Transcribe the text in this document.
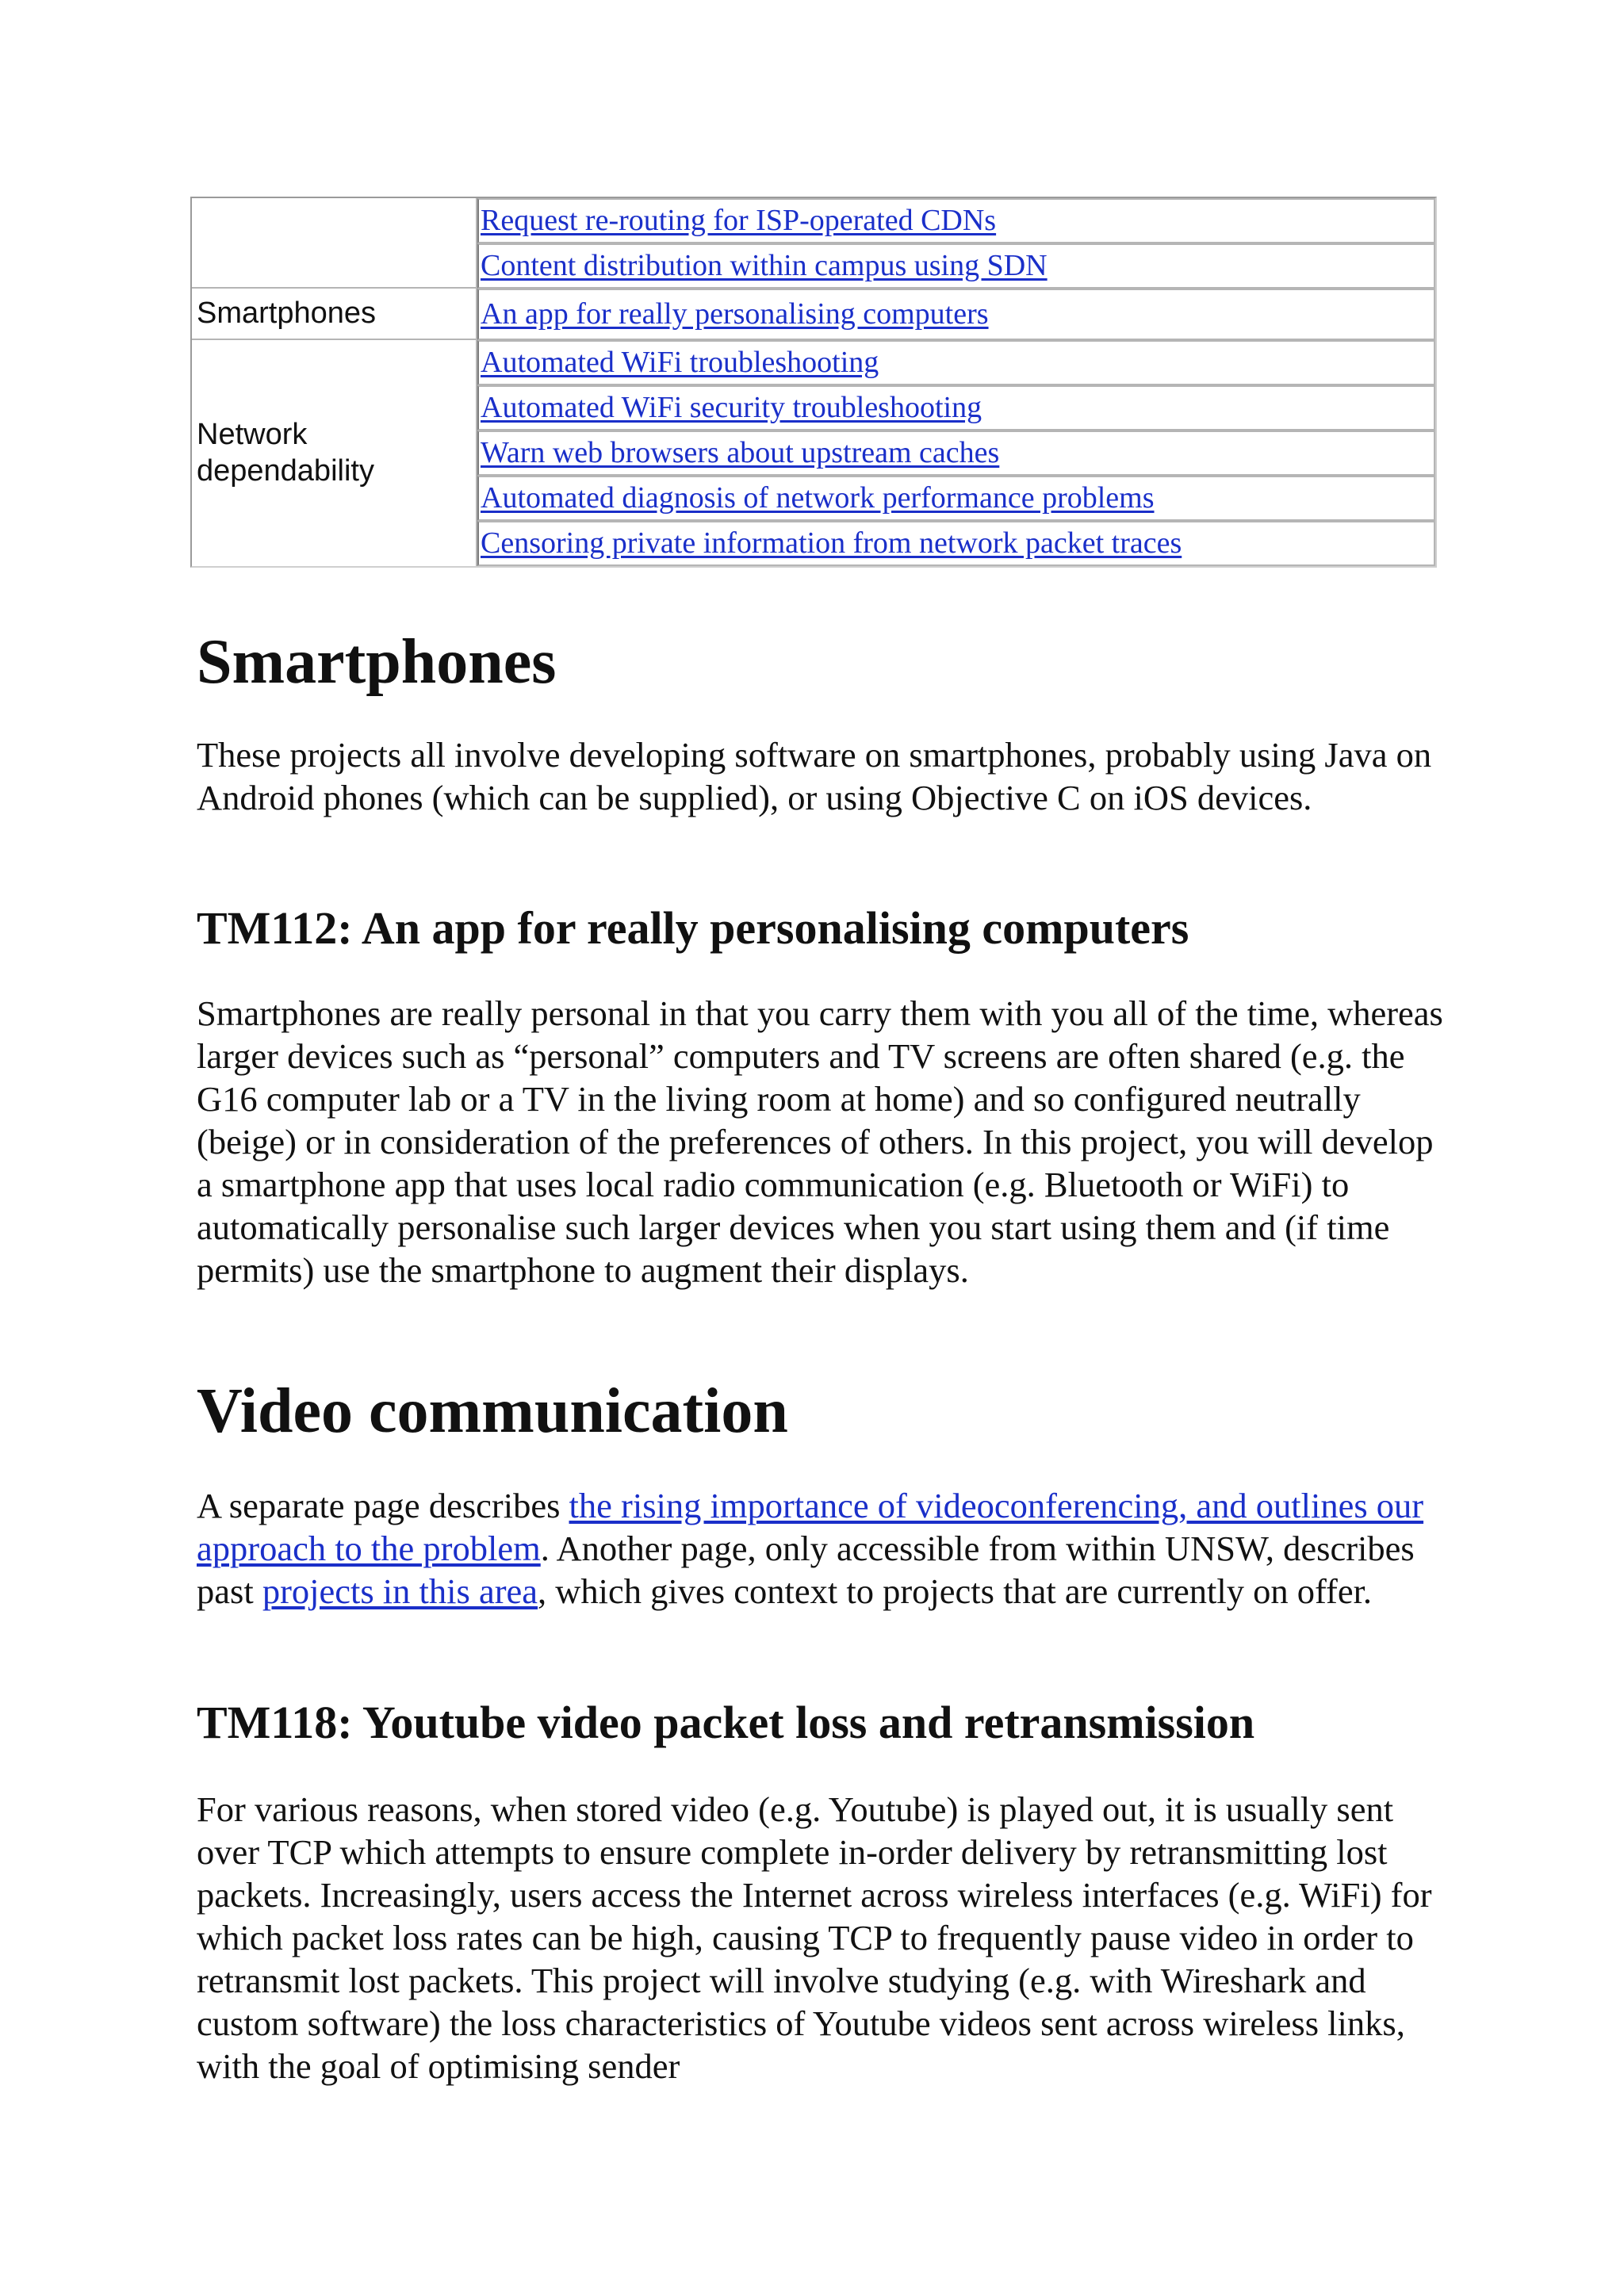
	Request re-routing for ISP-operated CDNs
	Content distribution within campus using SDN
Smartphones	An app for really personalising computers
Network dependability	Automated WiFi troubleshooting
	Automated WiFi security troubleshooting
	Warn web browsers about upstream caches
	Automated diagnosis of network performance problems
	Censoring private information from network packet traces
Smartphones

These projects all involve developing software on smartphones, probably using Java on Android phones (which can be supplied), or using Objective C on iOS devices.

TM112: An app for really personalising computers

Smartphones are really personal in that you carry them with you all of the time, whereas larger devices such as “personal” computers and TV screens are often shared (e.g. the G16 computer lab or a TV in the living room at home) and so configured neutrally (beige) or in consideration of the preferences of others. In this project, you will develop a smartphone app that uses local radio communication (e.g. Bluetooth or WiFi) to automatically personalise such larger devices when you start using them and (if time permits) use the smartphone to augment their displays.

Video communication

A separate page describes the rising importance of videoconferencing, and outlines our approach to the problem. Another page, only accessible from within UNSW, describes past projects in this area, which gives context to projects that are currently on offer.

TM118: Youtube video packet loss and retransmission

For various reasons, when stored video (e.g. Youtube) is played out, it is usually sent over TCP which attempts to ensure complete in-order delivery by retransmitting lost packets. Increasingly, users access the Internet across wireless interfaces (e.g. WiFi) for which packet loss rates can be high, causing TCP to frequently pause video in order to retransmit lost packets. This project will involve studying (e.g. with Wireshark and custom software) the loss characteristics of Youtube videos sent across wireless links, with the goal of optimising sender
